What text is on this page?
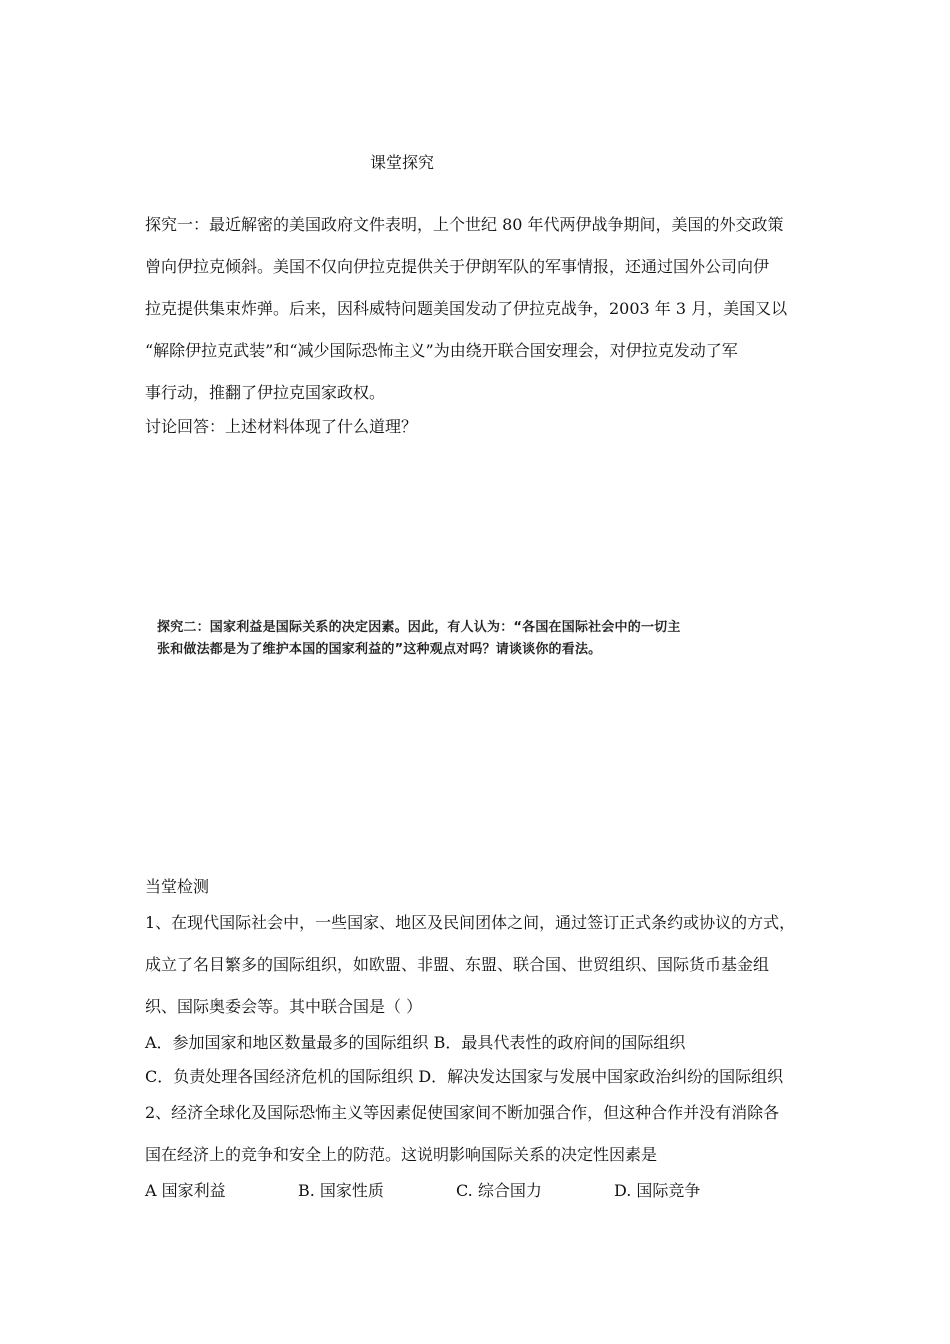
课堂探究
探究一：最近解密的美国政府文件表明，上个世纪 80 年代两伊战争期间，美国的外交政策
曾向伊拉克倾斜。美国不仅向伊拉克提供关于伊朗军队的军事情报，还通过国外公司向伊
拉克提供集束炸弹。后来，因科威特问题美国发动了伊拉克战争，2003 年 3 月，美国又以
“解除伊拉克武装”和“减少国际恐怖主义”为由绕开联合国安理会，对伊拉克发动了军
事行动，推翻了伊拉克国家政权。
讨论回答：上述材料体现了什么道理？
探究二：国家利益是国际关系的决定因素。因此，有人认为：“各国在国际社会中的一切主
张和做法都是为了维护本国的国家利益的”这种观点对吗？请谈谈你的看法。
当堂检测
1、在现代国际社会中，一些国家、地区及民间团体之间，通过签订正式条约或协议的方式，
成立了名目繁多的国际组织，如欧盟、非盟、东盟、联合国、世贸组织、国际货币基金组
织、国际奥委会等。其中联合国是（ ）
A．参加国家和地区数量最多的国际组织 B．最具代表性的政府间的国际组织
C．负责处理各国经济危机的国际组织 D．解决发达国家与发展中国家政治纠纷的国际组织
2、经济全球化及国际恐怖主义等因素促使国家间不断加强合作，但这种合作并没有消除各
国在经济上的竞争和安全上的防范。这说明影响国际关系的决定性因素是
A 国家利益	B. 国家性质	C. 综合国力	D. 国际竞争
